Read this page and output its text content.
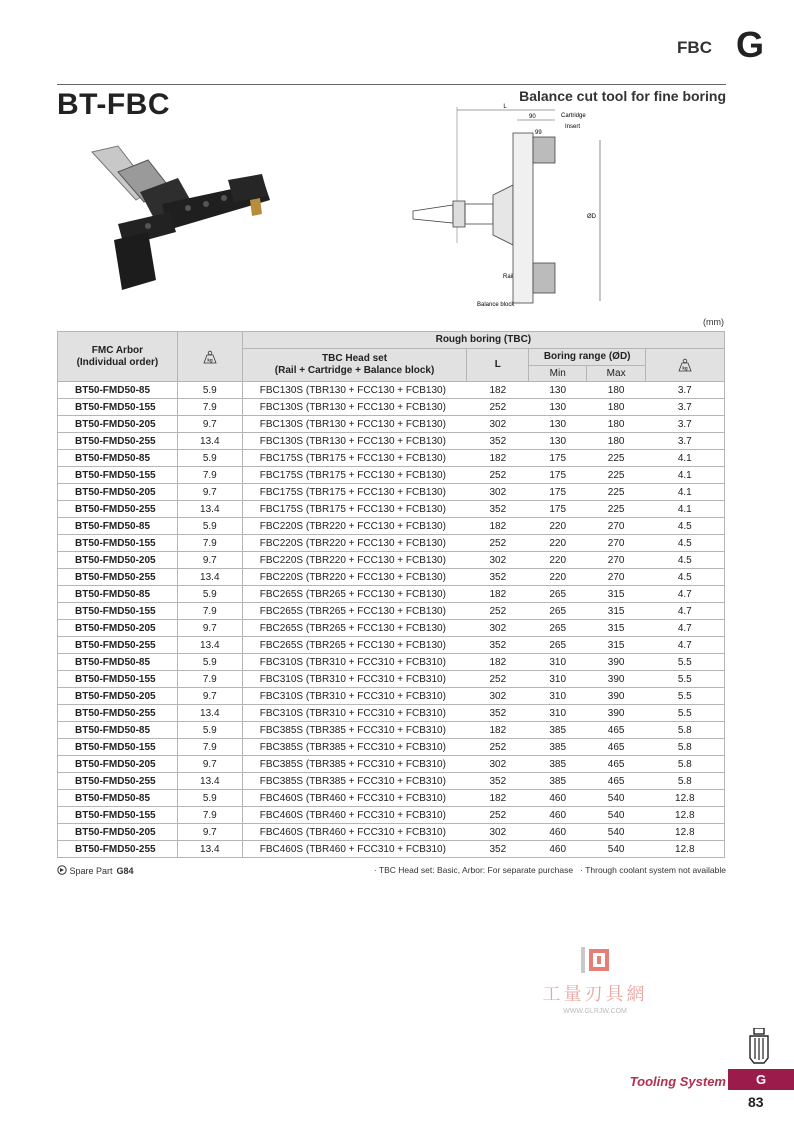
FBC G
BT-FBC	Balance cut tool for fine boring
L
90	Cartridge
Insert
99
ØD
Rail
Balance block
(mm)
FMC Arbor
(Individual order)	kg	Rough boring (TBC)				
		TBC Head set
(Rail + Cartridge + Balance block)	L	Boring range (ØD)		kg

				Min	Max	
BT50-FMD50-85	5.9	FBC130S (TBR130 + FCC130 + FCB130)	182	130	180	3.7
BT50-FMD50-155	7.9	FBC130S (TBR130 + FCC130 + FCB130)	252	130	180	3.7
BT50-FMD50-205	9.7	FBC130S (TBR130 + FCC130 + FCB130)	302	130	180	3.7
BT50-FMD50-255	13.4	FBC130S (TBR130 + FCC130 + FCB130)	352	130	180	3.7
BT50-FMD50-85	5.9	FBC175S (TBR175 + FCC130 + FCB130)	182	175	225	4.1
BT50-FMD50-155	7.9	FBC175S (TBR175 + FCC130 + FCB130)	252	175	225	4.1
BT50-FMD50-205	9.7	FBC175S (TBR175 + FCC130 + FCB130)	302	175	225	4.1
BT50-FMD50-255	13.4	FBC175S (TBR175 + FCC130 + FCB130)	352	175	225	4.1
BT50-FMD50-85	5.9	FBC220S (TBR220 + FCC130 + FCB130)	182	220	270	4.5
BT50-FMD50-155	7.9	FBC220S (TBR220 + FCC130 + FCB130)	252	220	270	4.5
BT50-FMD50-205	9.7	FBC220S (TBR220 + FCC130 + FCB130)	302	220	270	4.5
BT50-FMD50-255	13.4	FBC220S (TBR220 + FCC130 + FCB130)	352	220	270	4.5
BT50-FMD50-85	5.9	FBC265S (TBR265 + FCC130 + FCB130)	182	265	315	4.7
BT50-FMD50-155	7.9	FBC265S (TBR265 + FCC130 + FCB130)	252	265	315	4.7
BT50-FMD50-205	9.7	FBC265S (TBR265 + FCC130 + FCB130)	302	265	315	4.7
BT50-FMD50-255	13.4	FBC265S (TBR265 + FCC130 + FCB130)	352	265	315	4.7
BT50-FMD50-85	5.9	FBC310S (TBR310 + FCC310 + FCB310)	182	310	390	5.5
BT50-FMD50-155	7.9	FBC310S (TBR310 + FCC310 + FCB310)	252	310	390	5.5
BT50-FMD50-205	9.7	FBC310S (TBR310 + FCC310 + FCB310)	302	310	390	5.5
BT50-FMD50-255	13.4	FBC310S (TBR310 + FCC310 + FCB310)	352	310	390	5.5
BT50-FMD50-85	5.9	FBC385S (TBR385 + FCC310 + FCB310)	182	385	465	5.8
BT50-FMD50-155	7.9	FBC385S (TBR385 + FCC310 + FCB310)	252	385	465	5.8
BT50-FMD50-205	9.7	FBC385S (TBR385 + FCC310 + FCB310)	302	385	465	5.8
BT50-FMD50-255	13.4	FBC385S (TBR385 + FCC310 + FCB310)	352	385	465	5.8
BT50-FMD50-85	5.9	FBC460S (TBR460 + FCC310 + FCB310)	182	460	540	12.8
BT50-FMD50-155	7.9	FBC460S (TBR460 + FCC310 + FCB310)	252	460	540	12.8
BT50-FMD50-205	9.7	FBC460S (TBR460 + FCC310 + FCB310)	302	460	540	12.8
BT50-FMD50-255	13.4	FBC460S (TBR460 + FCC310 + FCB310)	352	460	540	12.8
Spare Part G84	· TBC Head set: Basic, Arbor: For separate purchase · Through coolant system not available
工量刃具網
WWW.GLRJW.COM
Tooling System	G
83
